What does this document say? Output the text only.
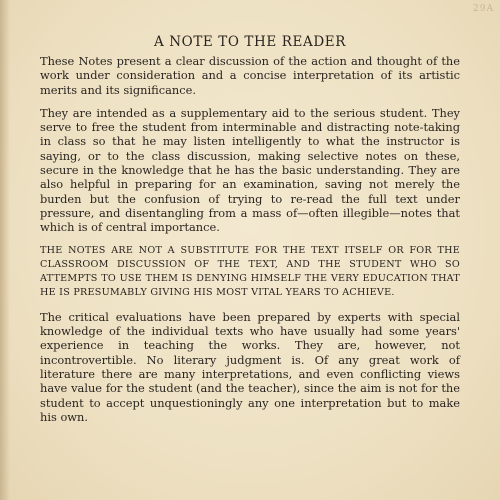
29A
A NOTE TO THE READER

These Notes present a clear discussion of the action and thought of the work under consideration and a concise interpretation of its artistic merits and its significance.

They are intended as a supplementary aid to the serious student. They serve to free the student from interminable and distracting note-taking in class so that he may listen intelligently to what the instructor is saying, or to the class discussion, making selective notes on these, secure in the knowledge that he has the basic understanding. They are also helpful in preparing for an examination, saving not merely the burden but the confusion of trying to re-read the full text under pressure, and disentangling from a mass of—often illegible—notes that which is of central importance.

THE NOTES ARE NOT A SUBSTITUTE FOR THE TEXT ITSELF OR FOR THE CLASSROOM DISCUSSION OF THE TEXT, AND THE STUDENT WHO SO ATTEMPTS TO USE THEM IS DENYING HIMSELF THE VERY EDUCATION THAT HE IS PRESUMABLY GIVING HIS MOST VITAL YEARS TO ACHIEVE.

The critical evaluations have been prepared by experts with special knowledge of the individual texts who have usually had some years' experience in teaching the works. They are, however, not incontrovertible. No literary judgment is. Of any great work of literature there are many interpretations, and even conflicting views have value for the student (and the teacher), since the aim is not for the student to accept unquestioningly any one interpretation but to make his own.
